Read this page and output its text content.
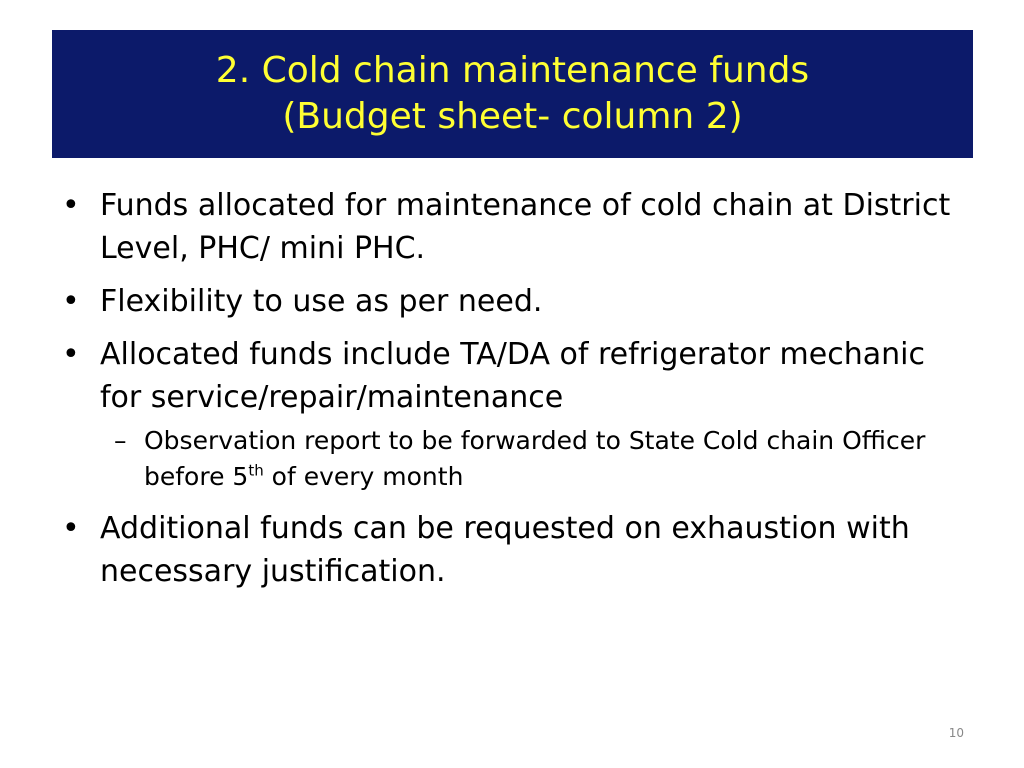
2. Cold chain maintenance funds
(Budget sheet- column 2)
• Funds allocated for maintenance of cold chain at District Level, PHC/ mini PHC.
• Flexibility to use as per need.
• Allocated funds include TA/DA of refrigerator mechanic for service/repair/maintenance
– Observation report to be forwarded to State Cold chain Officer before 5th of every month
• Additional funds can be requested on exhaustion with necessary justification.
10
